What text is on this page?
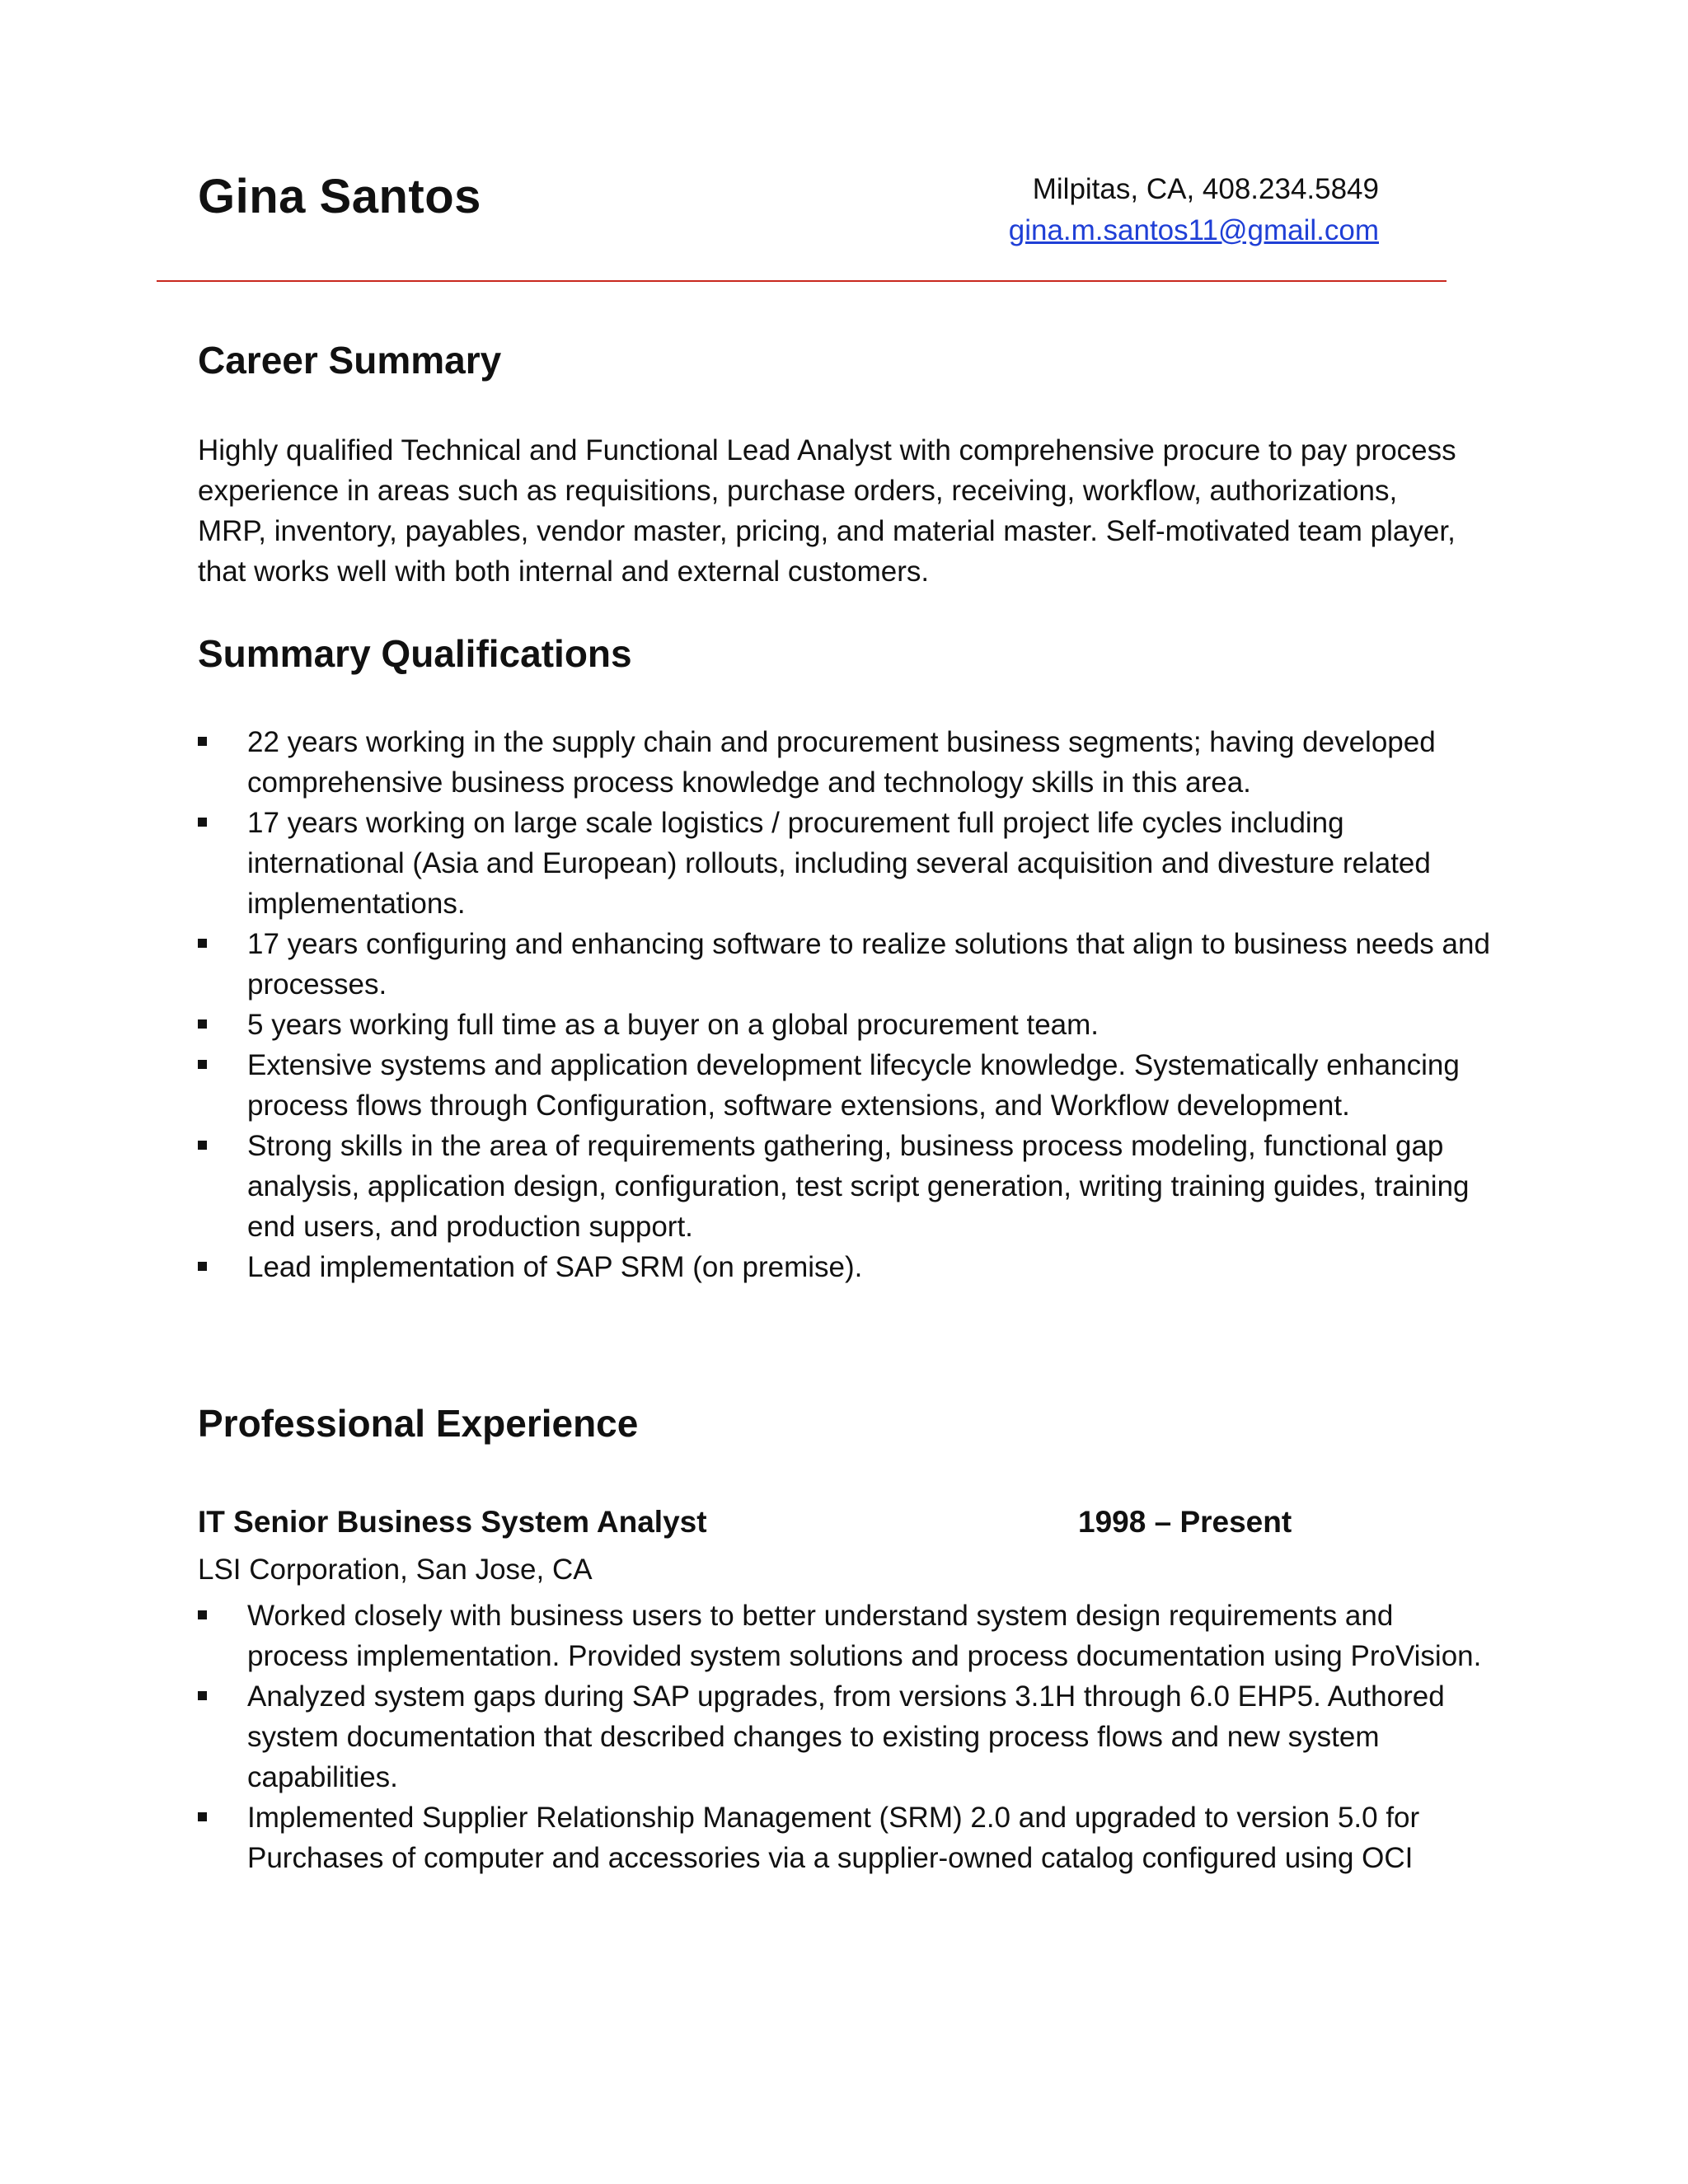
Gina Santos	Milpitas, CA, 408.234.5849
gina.m.santos11@gmail.com
Career Summary

Highly qualified Technical and Functional Lead Analyst with comprehensive procure to pay process experience in areas such as requisitions, purchase orders, receiving, workflow, authorizations, MRP, inventory, payables, vendor master, pricing, and material master. Self-motivated team player, that works well with both internal and external customers.

Summary Qualifications
22 years working in the supply chain and procurement business segments; having developed comprehensive business process knowledge and technology skills in this area.
17 years working on large scale logistics / procurement full project life cycles including international (Asia and European) rollouts, including several acquisition and divesture related implementations.
17 years configuring and enhancing software to realize solutions that align to business needs and processes.
5 years working full time as a buyer on a global procurement team.
Extensive systems and application development lifecycle knowledge. Systematically enhancing process flows through Configuration, software extensions, and Workflow development.
Strong skills in the area of requirements gathering, business process modeling, functional gap analysis, application design, configuration, test script generation, writing training guides, training end users, and production support.
Lead implementation of SAP SRM (on premise).
Professional Experience
IT Senior Business System Analyst	1998 – Present
LSI Corporation, San Jose, CA
Worked closely with business users to better understand system design requirements and process implementation. Provided system solutions and process documentation using ProVision.
Analyzed system gaps during SAP upgrades, from versions 3.1H through 6.0 EHP5. Authored system documentation that described changes to existing process flows and new system capabilities.
Implemented Supplier Relationship Management (SRM) 2.0 and upgraded to version 5.0 for Purchases of computer and accessories via a supplier-owned catalog configured using OCI
